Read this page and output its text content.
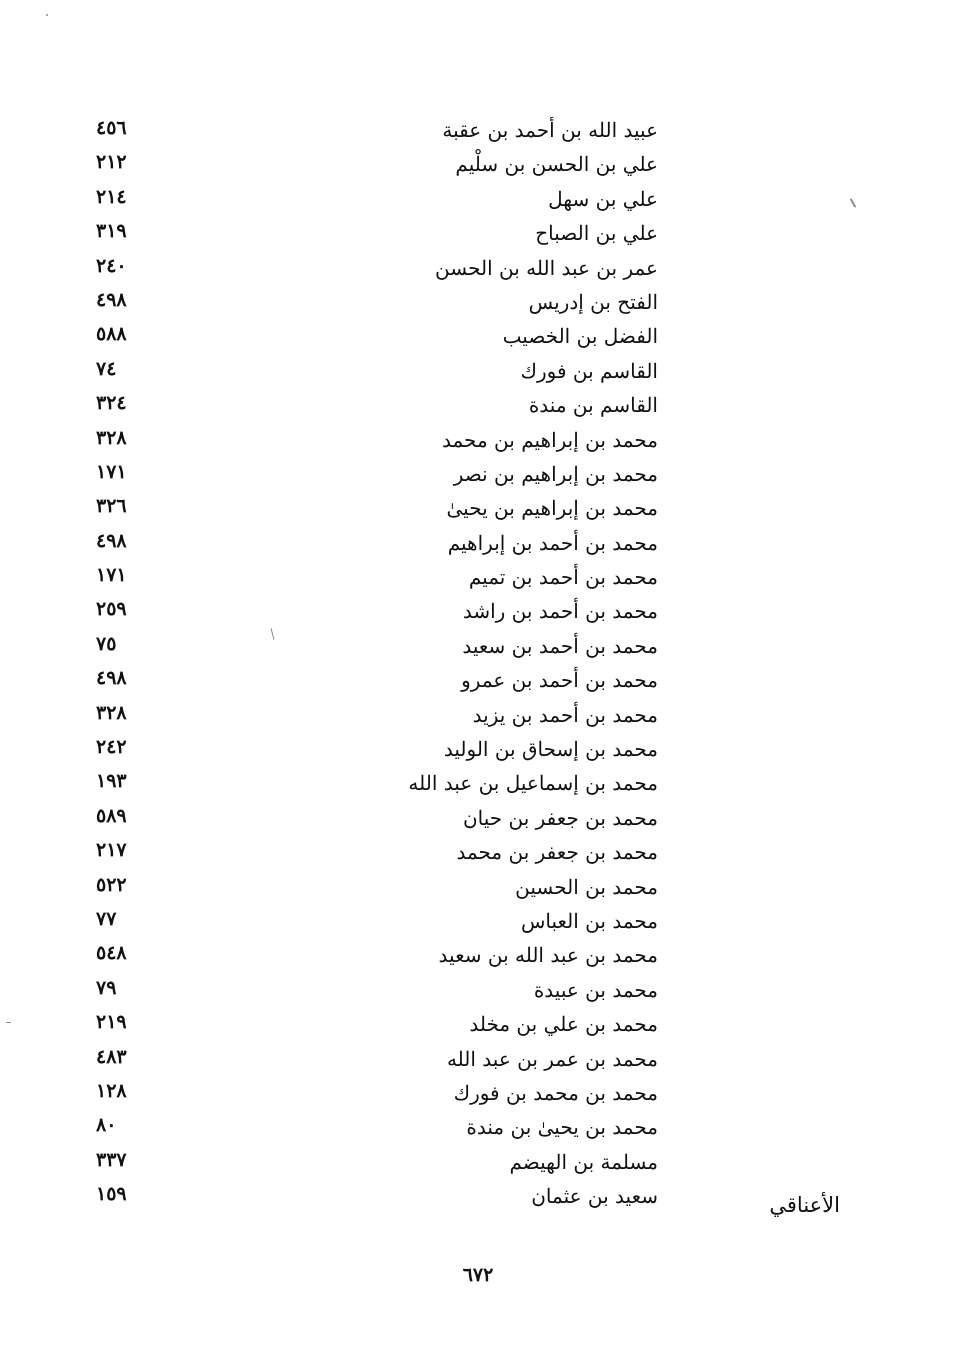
عبيد الله بن أحمد بن عقبة
٤٥٦
علي بن الحسن بن سلْيم
٢١٢
علي بن سهل
٢١٤
علي بن الصباح
٣١٩
عمر بن عبد الله بن الحسن
٢٤٠
الفتح بن إدريس
٤٩٨
الفضل بن الخصيب
٥٨٨
القاسم بن فورك
٧٤
القاسم بن مندة
٣٢٤
محمد بن إبراهيم بن محمد
٣٢٨
محمد بن إبراهيم بن نصر
١٧١
محمد بن إبراهيم بن يحيىٰ
٣٢٦
محمد بن أحمد بن إبراهيم
٤٩٨
محمد بن أحمد بن تميم
١٧١
محمد بن أحمد بن راشد
٢٥٩
محمد بن أحمد بن سعيد
٧٥
محمد بن أحمد بن عمرو
٤٩٨
محمد بن أحمد بن يزيد
٣٢٨
محمد بن إسحاق بن الوليد
٢٤٢
محمد بن إسماعيل بن عبد الله
١٩٣
محمد بن جعفر بن حيان
٥٨٩
محمد بن جعفر بن محمد
٢١٧
محمد بن الحسين
٥٢٢
محمد بن العباس
٧٧
محمد بن عبد الله بن سعيد
٥٤٨
محمد بن عبيدة
٧٩
محمد بن علي بن مخلد
٢١٩
محمد بن عمر بن عبد الله
٤٨٣
محمد بن محمد بن فورك
١٢٨
محمد بن يحيىٰ بن مندة
٨٠
مسلمة بن الهيضم
٣٣٧
سعيد بن عثمان
١٥٩	الأعناقي
٦٧٢
